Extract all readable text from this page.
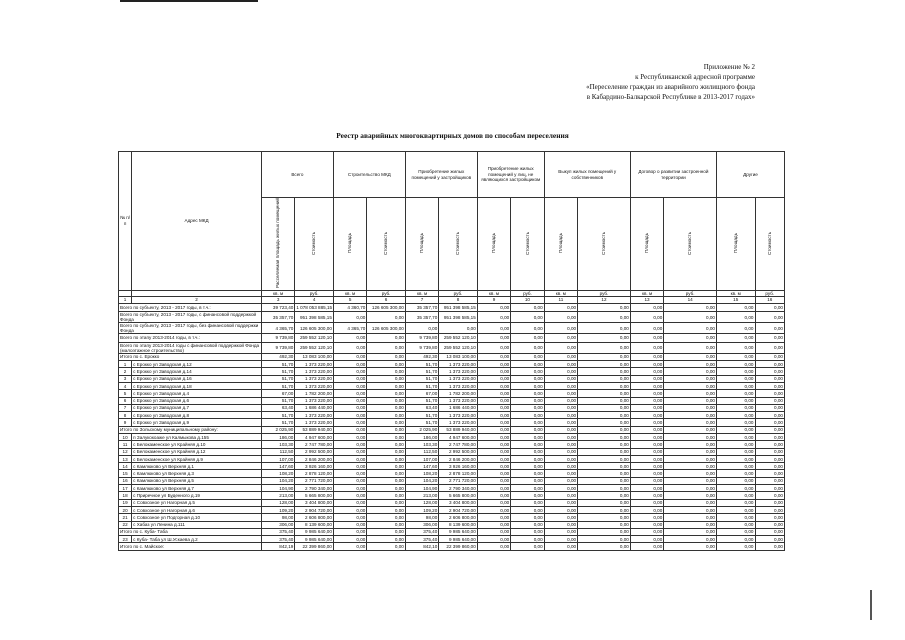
Приложение № 2
к Республиканской адресной программе
«Переселение граждан из аварийного жилищного фонда
в Кабардино-Балкарской Республике в 2013-2017 годах»
Реестр аварийных многоквартирных домов по способам переселения
№ п/п	Адрес МКД	Всего		Строительство МКД		Приобретение жилых помещений у застройщиков		Приобретение жилых помещений у лиц, не являющихся застройщиком		Выкуп жилых помещений у собственников		Договор о развитии застроенной территории		Другие	
		Расселяемая площадь жилых помещений	Стоимость	Площадь	Стоимость	Площадь	Стоимость	Площадь	Стоимость	Площадь	Стоимость	Площадь	Стоимость	Площадь	Стоимость
		кв. м	руб.	кв. м	руб.	кв. м	руб.	кв. м	руб.	кв. м	руб.	кв. м	руб.	кв. м	руб.
1	2	3	4	5	6	7	8	9	10	11	12	13	14	15	16
Всего по субъекту, 2013 - 2017 годы, в т.ч.:		39 723,40	1 078 053 885,15	4 360,70	126 605 300,00	35 357,70	951 398 585,15	0,00	0,00	0,00	0,00	0,00	0,00	0,00	0,00
Всего по субъекту, 2013 - 2017 годы, с финансовой поддержкой Фонда		35 357,70	951 398 585,15	0,00	0,00	35 357,70	951 398 585,15	0,00	0,00	0,00	0,00	0,00	0,00	0,00	0,00
Всего по субъекту, 2013 - 2017 годы, без финансовой поддержки Фонда		4 365,70	126 605 300,00	4 365,70	126 605 300,00	0,00	0,00	0,00	0,00	0,00	0,00	0,00	0,00	0,00	0,00
Всего по этапу 2013-2014 годы, в т.ч.:		9 739,80	259 552 120,10	0,00	0,00	9 739,80	259 552 120,10	0,00	0,00	0,00	0,00	0,00	0,00	0,00	0,00
Всего по этапу 2013-2014 годы с финансовой поддержкой Фонда (малоэтажное строительство)		9 739,80	259 552 120,10	0,00	0,00	9 739,80	259 552 120,10	0,00	0,00	0,00	0,00	0,00	0,00	0,00	0,00
Итого по с. Ерокко		492,30	13 083 100,00	0,00	0,00	492,30	13 083 100,00	0,00	0,00	0,00	0,00	0,00	0,00	0,00	0,00
1	с Ерокко ул Заводская д.12	51,70	1 373 220,00	0,00	0,00	51,70	1 373 220,00	0,00	0,00	0,00	0,00	0,00	0,00	0,00	0,00
2	с Ерокко ул Заводская д.14	51,70	1 373 220,00	0,00	0,00	51,70	1 373 220,00	0,00	0,00	0,00	0,00	0,00	0,00	0,00	0,00
3	с Ерокко ул Заводская д.16	51,70	1 373 220,00	0,00	0,00	51,70	1 373 220,00	0,00	0,00	0,00	0,00	0,00	0,00	0,00	0,00
4	с Ерокко ул Заводская д.18	51,70	1 373 220,00	0,00	0,00	51,70	1 373 220,00	0,00	0,00	0,00	0,00	0,00	0,00	0,00	0,00
5	с Ерокко ул Заводская д.4	67,00	1 782 200,00	0,00	0,00	67,00	1 782 200,00	0,00	0,00	0,00	0,00	0,00	0,00	0,00	0,00
6	с Ерокко ул Заводская д.6	51,70	1 373 220,00	0,00	0,00	51,70	1 373 220,00	0,00	0,00	0,00	0,00	0,00	0,00	0,00	0,00
7	с Ерокко ул Заводская д.7	63,40	1 686 440,00	0,00	0,00	63,40	1 686 440,00	0,00	0,00	0,00	0,00	0,00	0,00	0,00	0,00
8	с Ерокко ул Заводская д.8	51,70	1 373 220,00	0,00	0,00	51,70	1 373 220,00	0,00	0,00	0,00	0,00	0,00	0,00	0,00	0,00
9	с Ерокко ул Заводская д.9	51,70	1 373 220,00	0,00	0,00	51,70	1 373 220,00	0,00	0,00	0,00	0,00	0,00	0,00	0,00	0,00
Итого по Зольскому муниципальному району:		2 025,90	53 889 940,00	0,00	0,00	2 025,90	53 889 940,00	0,00	0,00	0,00	0,00	0,00	0,00	0,00	0,00
10	п Залукокоаже ул Калмыкова д.155	186,00	4 947 600,00	0,00	0,00	186,00	4 947 600,00	0,00	0,00	0,00	0,00	0,00	0,00	0,00	0,00
11	с Белокаменское ул Крайняя д.10	103,30	2 747 780,00	0,00	0,00	103,30	2 747 780,00	0,00	0,00	0,00	0,00	0,00	0,00	0,00	0,00
12	с Белокаменское ул Крайняя д.12	112,50	2 992 500,00	0,00	0,00	112,50	2 992 500,00	0,00	0,00	0,00	0,00	0,00	0,00	0,00	0,00
13	с Белокаменское ул Крайняя д.9	107,00	2 846 200,00	0,00	0,00	107,00	2 846 200,00	0,00	0,00	0,00	0,00	0,00	0,00	0,00	0,00
14	с Камлюково ул Верхняя д.1	147,60	3 926 160,00	0,00	0,00	147,60	3 926 160,00	0,00	0,00	0,00	0,00	0,00	0,00	0,00	0,00
15	с Камлюково ул Верхняя д.3	108,20	2 878 120,00	0,00	0,00	108,20	2 878 120,00	0,00	0,00	0,00	0,00	0,00	0,00	0,00	0,00
16	с Камлюково ул Верхняя д.5	104,20	2 771 720,00	0,00	0,00	104,20	2 771 720,00	0,00	0,00	0,00	0,00	0,00	0,00	0,00	0,00
17	с Камлюково ул Верхняя д.7	104,90	2 790 340,00	0,00	0,00	104,90	2 790 340,00	0,00	0,00	0,00	0,00	0,00	0,00	0,00	0,00
18	с Приречное ул Буденного д.19	213,00	5 665 800,00	0,00	0,00	213,00	5 665 800,00	0,00	0,00	0,00	0,00	0,00	0,00	0,00	0,00
19	с Совхозное ул Нагорная д.5	128,00	3 404 800,00	0,00	0,00	128,00	3 404 800,00	0,00	0,00	0,00	0,00	0,00	0,00	0,00	0,00
20	с Совхозное ул Нагорная д.6	109,20	2 904 720,00	0,00	0,00	109,20	2 904 720,00	0,00	0,00	0,00	0,00	0,00	0,00	0,00	0,00
21	с Совхозное ул Подгорная д.10	98,00	2 606 800,00	0,00	0,00	98,00	2 606 800,00	0,00	0,00	0,00	0,00	0,00	0,00	0,00	0,00
22	с Хабаз ул Ленина д.111	306,00	8 139 600,00	0,00	0,00	306,00	8 139 600,00	0,00	0,00	0,00	0,00	0,00	0,00	0,00	0,00
Итого по с. Куба- Таба		375,40	9 985 640,00	0,00	0,00	375,40	9 985 640,00	0,00	0,00	0,00	0,00	0,00	0,00	0,00	0,00
23	с Куба- Таба ул Ш.Ускаева д.2	375,40	9 985 640,00	0,00	0,00	375,40	9 985 640,00	0,00	0,00	0,00	0,00	0,00	0,00	0,00	0,00
Итого по с. Майское:		842,19	22 399 860,00	0,00	0,00	842,10	22 399 860,00	0,00	0,00	0,00	0,00	0,00	0,00	0,00	0,00
